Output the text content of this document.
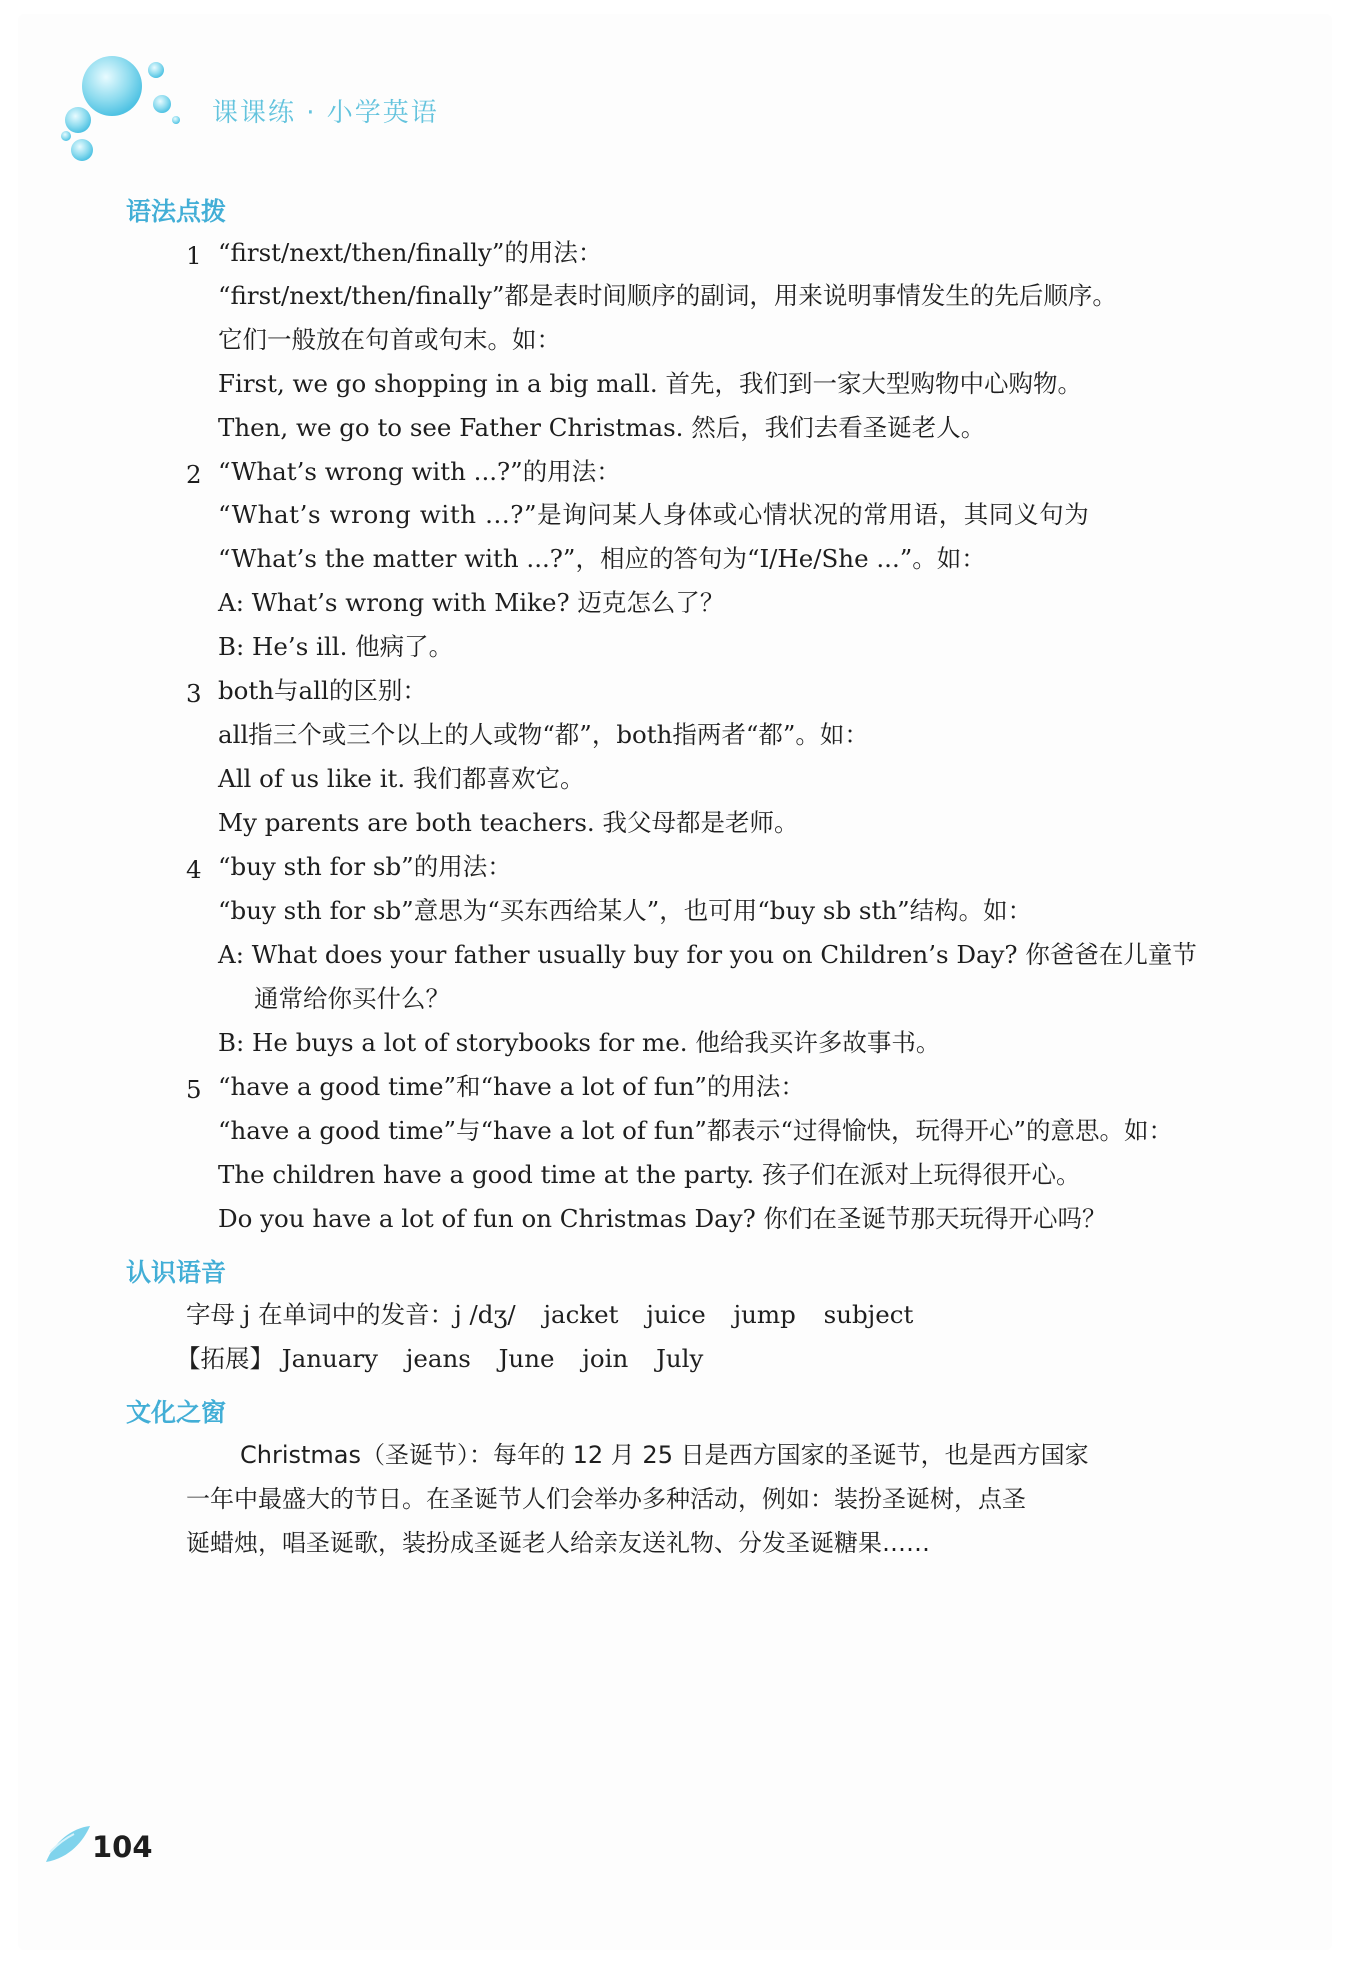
课课练 · 小学英语
语法点拨
1 “first/next/then/finally”的用法：
“first/next/then/finally”都是表时间顺序的副词，用来说明事情发生的先后顺序。
它们一般放在句首或句末。如：
First, we go shopping in a big mall. 首先，我们到一家大型购物中心购物。
Then, we go to see Father Christmas. 然后，我们去看圣诞老人。
2 “What’s wrong with ...?”的用法：
“What’s wrong with ...?”是询问某人身体或心情状况的常用语，其同义句为
“What’s the matter with ...?”，相应的答句为“I/He/She ...”。如：
A: What’s wrong with Mike? 迈克怎么了？
B: He’s ill. 他病了。
3 both与all的区别：
all指三个或三个以上的人或物“都”，both指两者“都”。如：
All of us like it. 我们都喜欢它。
My parents are both teachers. 我父母都是老师。
4 “buy sth for sb”的用法：
“buy sth for sb”意思为“买东西给某人”，也可用“buy sb sth”结构。如：
A: What does your father usually buy for you on Children’s Day? 你爸爸在儿童节
通常给你买什么？
B: He buys a lot of storybooks for me. 他给我买许多故事书。
5 “have a good time”和“have a lot of fun”的用法：
“have a good time”与“have a lot of fun”都表示“过得愉快，玩得开心”的意思。如：
The children have a good time at the party. 孩子们在派对上玩得很开心。
Do you have a lot of fun on Christmas Day? 你们在圣诞节那天玩得开心吗？
认识语音
字母 j 在单词中的发音：j /dʒ/ jacket juice jump subject
【拓展】 January jeans June join July
文化之窗
Christmas（圣诞节）：每年的 12 月 25 日是西方国家的圣诞节，也是西方国家
一年中最盛大的节日。在圣诞节人们会举办多种活动，例如：装扮圣诞树，点圣
诞蜡烛，唱圣诞歌，装扮成圣诞老人给亲友送礼物、分发圣诞糖果……
104
